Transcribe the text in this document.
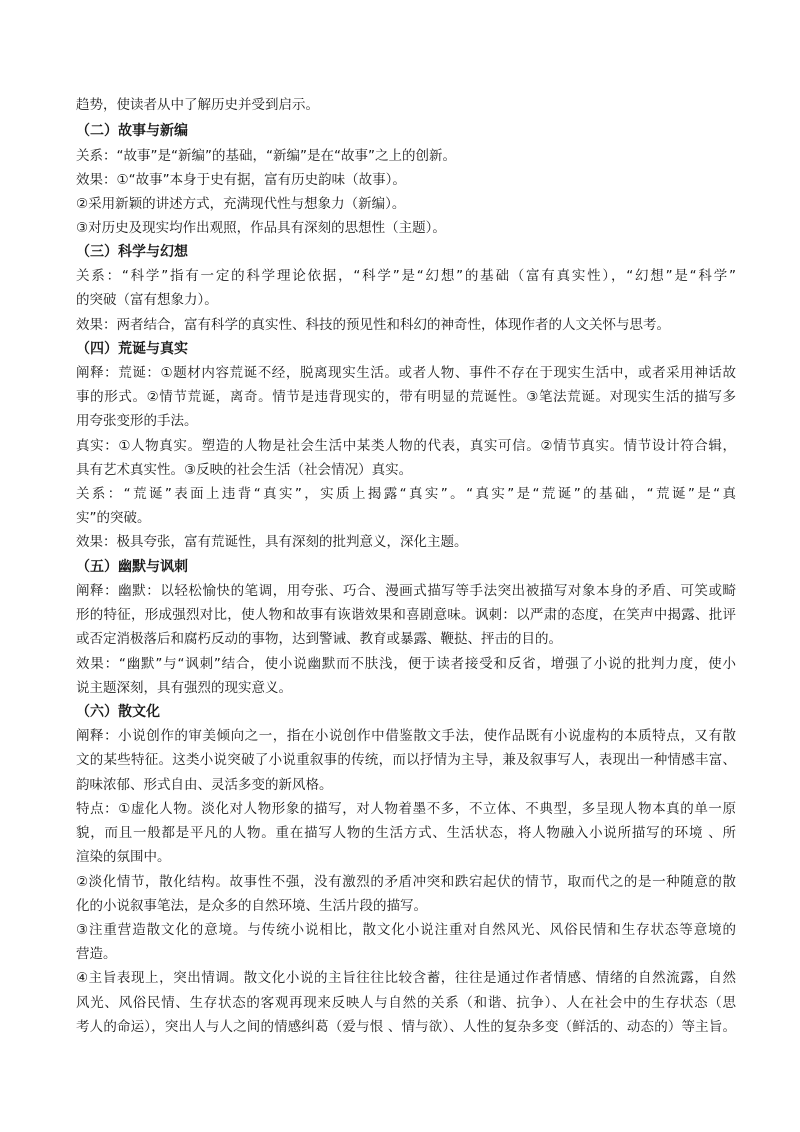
趋势，使读者从中了解历史并受到启示。
（二）故事与新编
关系：“故事”是“新编”的基础，“新编”是在“故事”之上的创新。
效果：①“故事”本身于史有据，富有历史韵味（故事）。
②采用新颖的讲述方式，充满现代性与想象力（新编）。
③对历史及现实均作出观照，作品具有深刻的思想性（主题）。
（三）科学与幻想
关系：“科学”指有一定的科学理论依据，“科学”是“幻想”的基础（富有真实性），“幻想”是“科学”
的突破（富有想象力）。
效果：两者结合，富有科学的真实性、科技的预见性和科幻的神奇性，体现作者的人文关怀与思考。
（四）荒诞与真实
阐释：荒诞：①题材内容荒诞不经，脱离现实生活。或者人物、事件不存在于现实生活中，或者采用神话故
事的形式。②情节荒诞，离奇。情节是违背现实的，带有明显的荒诞性。③笔法荒诞。对现实生活的描写多
用夸张变形的手法。
真实：①人物真实。塑造的人物是社会生活中某类人物的代表，真实可信。②情节真实。情节设计符合辑，
具有艺术真实性。③反映的社会生活（社会情况）真实。
关系：“荒诞”表面上违背“真实”，实质上揭露“真实”。“真实”是“荒诞”的基础，“荒诞”是“真
实”的突破。
效果：极具夸张，富有荒诞性，具有深刻的批判意义，深化主题。
（五）幽默与讽刺
阐释：幽默：以轻松愉快的笔调，用夸张、巧合、漫画式描写等手法突出被描写对象本身的矛盾、可笑或畸
形的特征，形成强烈对比，使人物和故事有诙谐效果和喜剧意味。讽刺：以严肃的态度，在笑声中揭露、批评
或否定消极落后和腐朽反动的事物，达到警诫、教育或暴露、鞭挞、抨击的目的。
效果：“幽默”与“讽刺”结合，使小说幽默而不肤浅，便于读者接受和反省，增强了小说的批判力度，使小
说主题深刻，具有强烈的现实意义。
（六）散文化
阐释：小说创作的审美倾向之一，指在小说创作中借鉴散文手法，使作品既有小说虚构的本质特点，又有散
文的某些特征。这类小说突破了小说重叙事的传统，而以抒情为主导，兼及叙事写人，表现出一种情感丰富、
韵味浓郁、形式自由、灵活多变的新风格。
特点：①虚化人物。淡化对人物形象的描写，对人物着墨不多，不立体、不典型，多呈现人物本真的单一原
貌，而且一般都是平凡的人物。重在描写人物的生活方式、生活状态，将人物融入小说所描写的环境 、所
渲染的氛围中。
②淡化情节，散化结构。故事性不强，没有激烈的矛盾冲突和跌宕起伏的情节，取而代之的是一种随意的散
化的小说叙事笔法，是众多的自然环境、生活片段的描写。
③注重营造散文化的意境。与传统小说相比，散文化小说注重对自然风光、风俗民情和生存状态等意境的
营造。
④主旨表现上，突出情调。散文化小说的主旨往往比较含蓄，往往是通过作者情感、情绪的自然流露，自然
风光、风俗民情、生存状态的客观再现来反映人与自然的关系（和谐、抗争）、人在社会中的生存状态（思
考人的命运），突出人与人之间的情感纠葛（爱与恨 、情与欲）、人性的复杂多变（鲜活的、动态的）等主旨。
